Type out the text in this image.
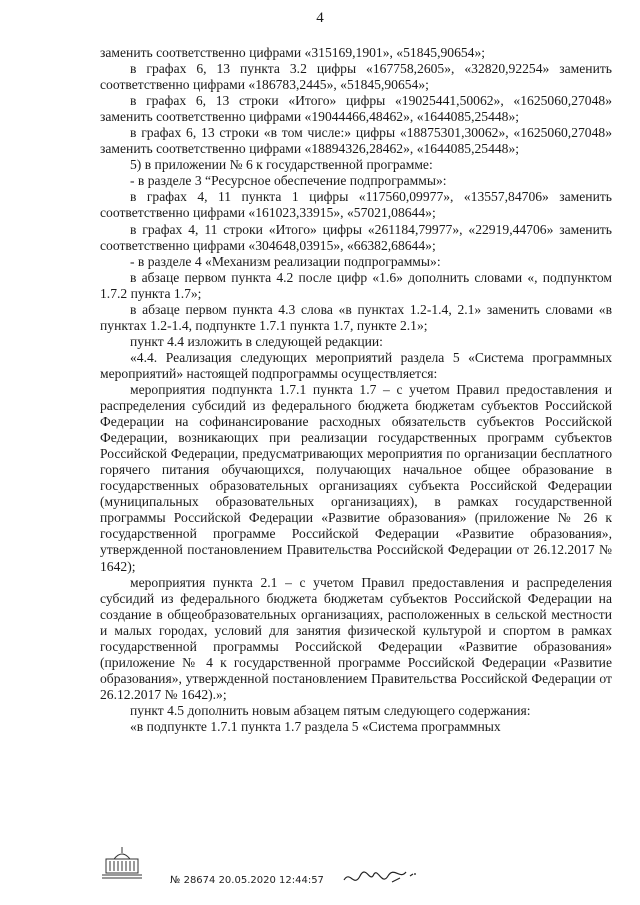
4

заменить соответственно цифрами «315169,1901», «51845,90654»;

в графах 6, 13 пункта 3.2 цифры «167758,2605», «32820,92254» заменить соответственно цифрами «186783,2445», «51845,90654»;

в графах 6, 13 строки «Итого» цифры «19025441,50062», «1625060,27048» заменить соответственно цифрами «19044466,48462», «1644085,25448»;

в графах 6, 13 строки «в том числе:» цифры «18875301,30062», «1625060,27048» заменить соответственно цифрами «18894326,28462», «1644085,25448»;

5) в приложении № 6 к государственной программе:

- в разделе 3 “Ресурсное обеспечение подпрограммы»:

в графах 4, 11 пункта 1 цифры «117560,09977», «13557,84706» заменить соответственно цифрами «161023,33915», «57021,08644»;

в графах 4, 11 строки «Итого» цифры «261184,79977», «22919,44706» заменить соответственно цифрами «304648,03915», «66382,68644»;

- в разделе 4 «Механизм реализации подпрограммы»:

в абзаце первом пункта 4.2 после цифр «1.6» дополнить словами «, подпунктом 1.7.2 пункта 1.7»;

в абзаце первом пункта 4.3 слова «в пунктах 1.2-1.4, 2.1» заменить словами «в пунктах 1.2-1.4, подпункте 1.7.1 пункта 1.7, пункте 2.1»;

пункт 4.4 изложить в следующей редакции:

«4.4. Реализация следующих мероприятий раздела 5 «Система программных мероприятий» настоящей подпрограммы осуществляется:

мероприятия подпункта 1.7.1 пункта 1.7 – с учетом Правил предоставления и распределения субсидий из федерального бюджета бюджетам субъектов Российской Федерации на софинансирование расходных обязательств субъектов Российской Федерации, возникающих при реализации государственных программ субъектов Российской Федерации, предусматривающих мероприятия по организации бесплатного горячего питания обучающихся, получающих начальное общее образование в государственных образовательных организациях субъекта Российской Федерации (муниципальных образовательных организациях), в рамках государственной программы Российской Федерации «Развитие образования» (приложение № 26 к государственной программе Российской Федерации «Развитие образования», утвержденной постановлением Правительства Российской Федерации от 26.12.2017 № 1642);

мероприятия пункта 2.1 – с учетом Правил предоставления и распределения субсидий из федерального бюджета бюджетам субъектов Российской Федерации на создание в общеобразовательных организациях, расположенных в сельской местности и малых городах, условий для занятия физической культурой и спортом в рамках государственной программы Российской Федерации «Развитие образования» (приложение № 4 к государственной программе Российской Федерации «Развитие образования», утвержденной постановлением Правительства Российской Федерации от 26.12.2017 № 1642).»;

пункт 4.5 дополнить новым абзацем пятым следующего содержания:

«в подпункте 1.7.1 пункта 1.7 раздела 5 «Система программных

№ 28674 20.05.2020 12:44:57
